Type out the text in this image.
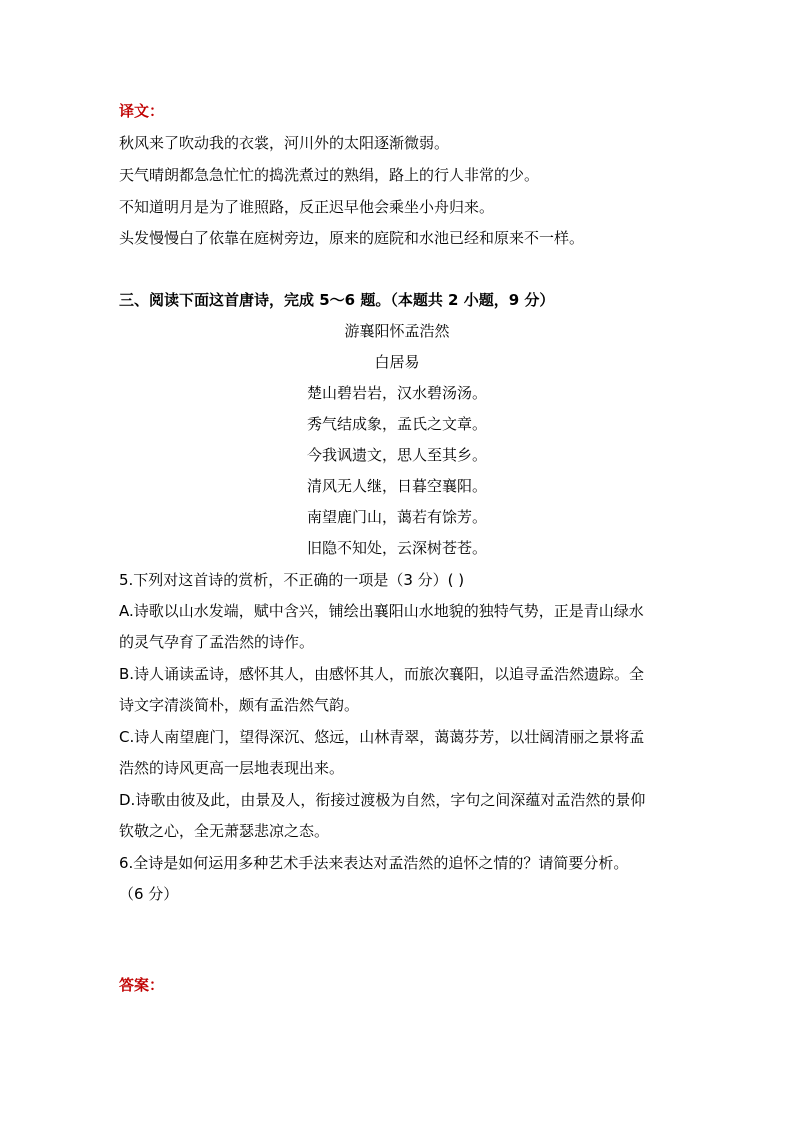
译文：
秋风来了吹动我的衣裳，河川外的太阳逐渐微弱。
天气晴朗都急急忙忙的捣洗煮过的熟绢，路上的行人非常的少。
不知道明月是为了谁照路，反正迟早他会乘坐小舟归来。
头发慢慢白了依靠在庭树旁边，原来的庭院和水池已经和原来不一样。
三、阅读下面这首唐诗，完成 5～6 题。（本题共 2 小题，9 分）
游襄阳怀孟浩然
白居易
楚山碧岩岩，汉水碧汤汤。
秀气结成象，孟氏之文章。
今我讽遗文，思人至其乡。
清风无人继，日暮空襄阳。
南望鹿门山，蔼若有馀芳。
旧隐不知处，云深树苍苍。
5.下列对这首诗的赏析，不正确的一项是（3 分）( )
A.诗歌以山水发端，赋中含兴，铺绘出襄阳山水地貌的独特气势，正是青山绿水
的灵气孕育了孟浩然的诗作。
B.诗人诵读孟诗，感怀其人，由感怀其人，而旅次襄阳，以追寻孟浩然遗踪。全
诗文字清淡简朴，颇有孟浩然气韵。
C.诗人南望鹿门，望得深沉、悠远，山林青翠，蔼蔼芬芳，以壮阔清丽之景将孟
浩然的诗风更高一层地表现出来。
D.诗歌由彼及此，由景及人，衔接过渡极为自然，字句之间深蕴对孟浩然的景仰
钦敬之心，全无萧瑟悲凉之态。
6.全诗是如何运用多种艺术手法来表达对孟浩然的追怀之情的？请简要分析。
（6 分）
答案：
